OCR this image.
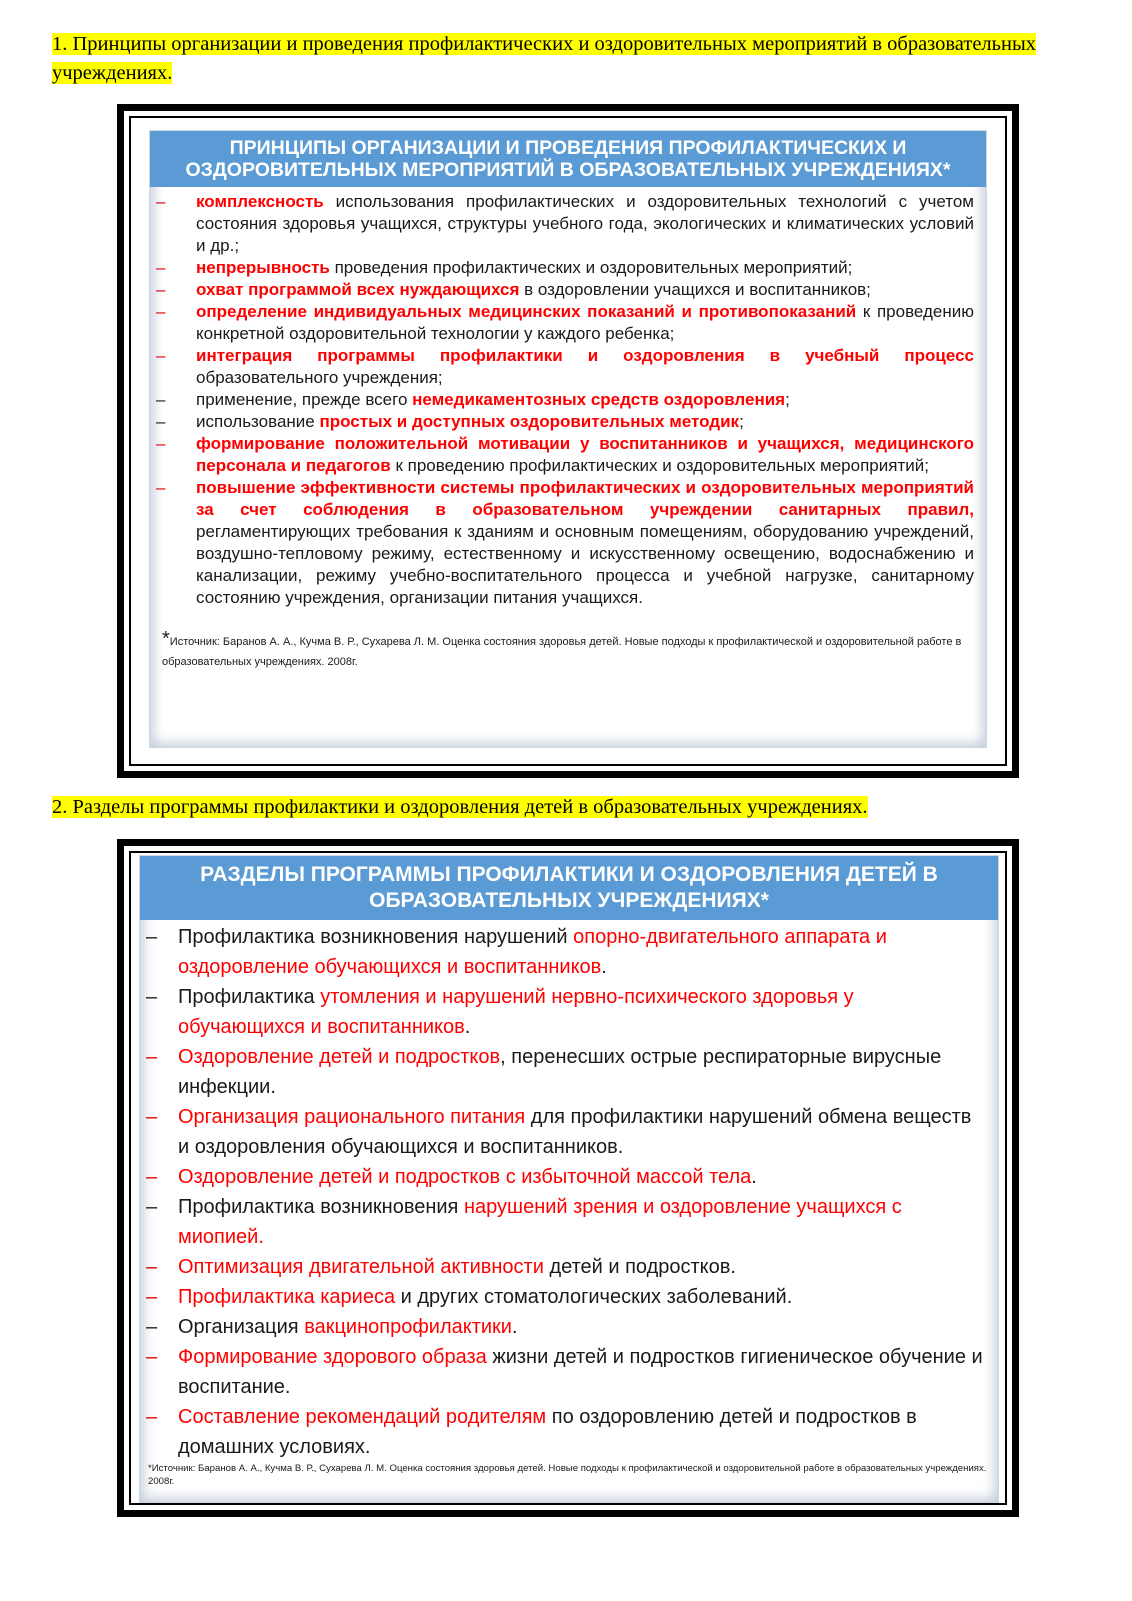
1. Принципы организации и проведения профилактических и оздоровительных мероприятий в образовательных учреждениях.
ПРИНЦИПЫ ОРГАНИЗАЦИИ И ПРОВЕДЕНИЯ ПРОФИЛАКТИЧЕСКИХ И
ОЗДОРОВИТЕЛЬНЫХ МЕРОПРИЯТИЙ В ОБРАЗОВАТЕЛЬНЫХ УЧРЕЖДЕНИЯХ*
– комплексность использования профилактических и оздоровительных технологий с учетом состояния здоровья учащихся, структуры учебного года, экологических и климатических условий и др.;
– непрерывность проведения профилактических и оздоровительных мероприятий;
– охват программой всех нуждающихся в оздоровлении учащихся и воспитанников;
– определение индивидуальных медицинских показаний и противопоказаний к проведению конкретной оздоровительной технологии у каждого ребенка;
– интеграция программы профилактики и оздоровления в учебный процесс образовательного учреждения;
– применение, прежде всего немедикаментозных средств оздоровления;
– использование простых и доступных оздоровительных методик;
– формирование положительной мотивации у воспитанников и учащихся, медицинского персонала и педагогов к проведению профилактических и оздоровительных мероприятий;
– повышение эффективности системы профилактических и оздоровительных мероприятий за счет соблюдения в образовательном учреждении санитарных правил, регламентирующих требования к зданиям и основным помещениям, оборудованию учреждений, воздушно-тепловому режиму, естественному и искусственному освещению, водоснабжению и канализации, режиму учебно-воспитательного процесса и учебной нагрузке, санитарному состоянию учреждения, организации питания учащихся.
*Источник: Баранов А. А., Кучма В. Р., Сухарева Л. М. Оценка состояния здоровья детей. Новые подходы к профилактической и оздоровительной работе в образовательных учреждениях. 2008г.
2. Разделы программы профилактики и оздоровления детей в образовательных учреждениях.
РАЗДЕЛЫ ПРОГРАММЫ ПРОФИЛАКТИКИ И ОЗДОРОВЛЕНИЯ ДЕТЕЙ В
ОБРАЗОВАТЕЛЬНЫХ УЧРЕЖДЕНИЯХ*
– Профилактика возникновения нарушений опорно-двигательного аппарата и оздоровление обучающихся и воспитанников.
– Профилактика утомления и нарушений нервно-психического здоровья у обучающихся и воспитанников.
– Оздоровление детей и подростков, перенесших острые респираторные вирусные инфекции.
– Организация рационального питания для профилактики нарушений обмена веществ и оздоровления обучающихся и воспитанников.
– Оздоровление детей и подростков с избыточной массой тела.
– Профилактика возникновения нарушений зрения и оздоровление учащихся с миопией.
– Оптимизация двигательной активности детей и подростков.
– Профилактика кариеса и других стоматологических заболеваний.
– Организация вакцинопрофилактики.
– Формирование здорового образа жизни детей и подростков гигиеническое обучение и воспитание.
– Составление рекомендаций родителям по оздоровлению детей и подростков в домашних условиях.
*Источник: Баранов А. А., Кучма В. Р., Сухарева Л. М. Оценка состояния здоровья детей. Новые подходы к профилактической и оздоровительной работе в образовательных учреждениях. 2008г.
